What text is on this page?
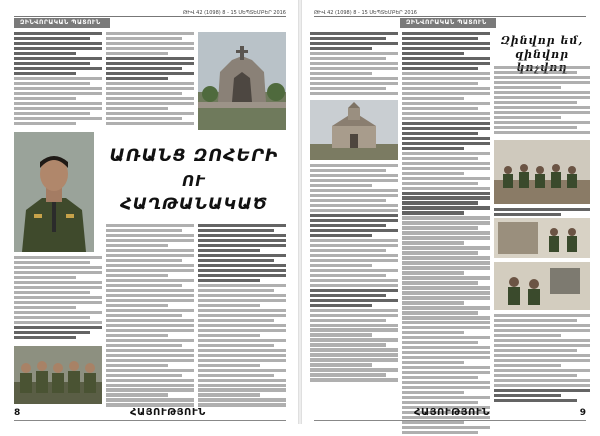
ԹԻՎ 42 (1098) 8 - 15 ՍԵՊՏԵՄԲԵՐ 2016
ԶԻՆՎՈՐԱԿԱՆ ՊԱՏՈՒՆ
ԱՌԱՆՑ ԶՈՀԵՐԻ
ՈՒ
ՀԱՂԹԱՆԱԿԱԾ
8	ՀԱՅՈՒԹՅՈՒՆ
ԹԻՎ 42 (1098) 8 - 15 ՍԵՊՏԵՄԲԵՐ 2016
ԶԻՆՎՈՐԱԿԱՆ ՊԱՏՈՒՆ
Զինվոր եմ,
զինվոր
ՀԱՅՈՒԹՅՈՒՆ	9
